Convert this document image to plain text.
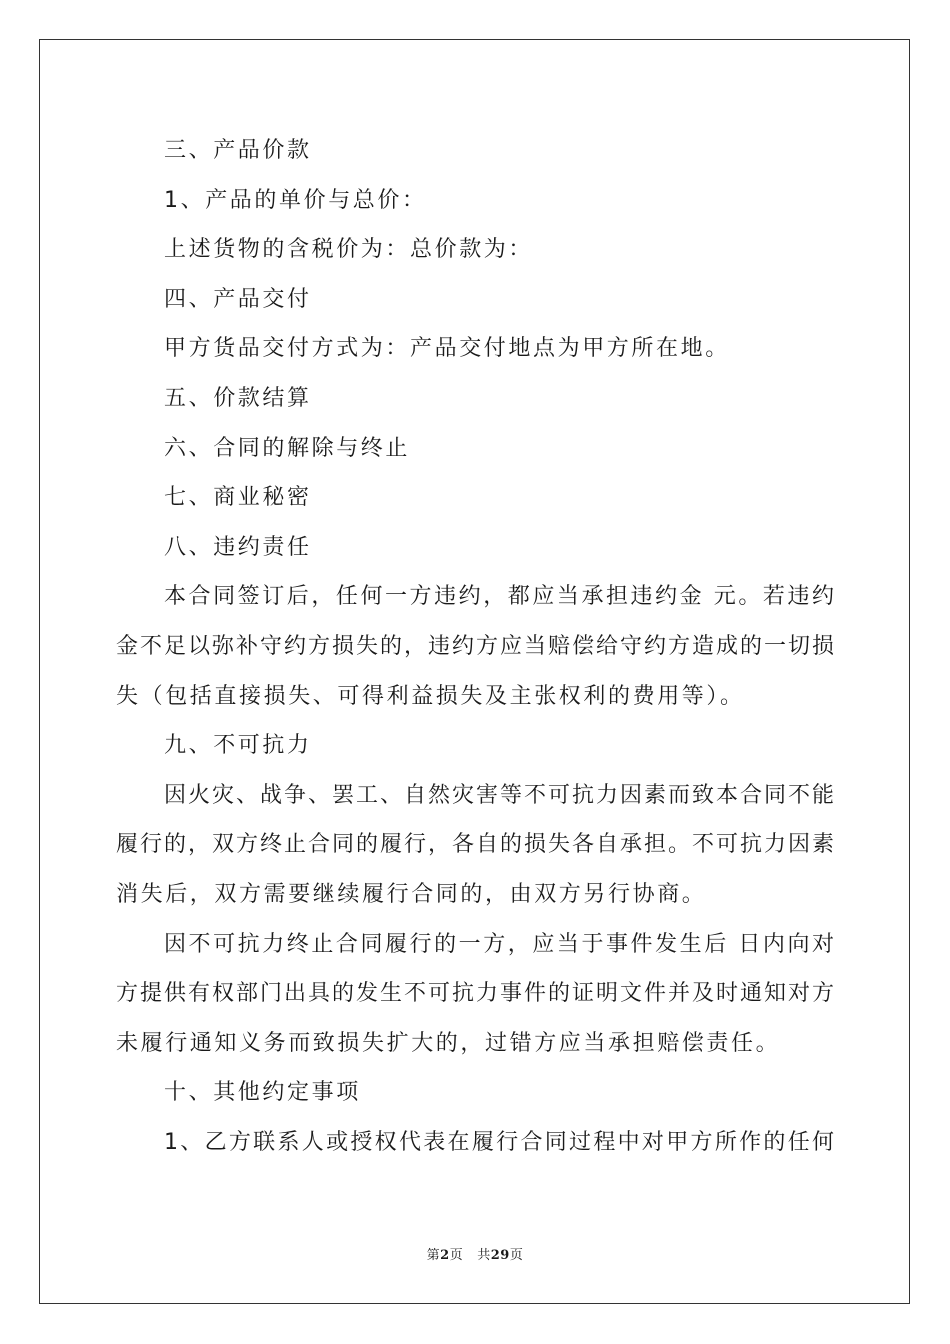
三、产品价款

1、产品的单价与总价：

上述货物的含税价为：总价款为：

四、产品交付

甲方货品交付方式为：产品交付地点为甲方所在地。

五、价款结算

六、合同的解除与终止

七、商业秘密

八、违约责任

本合同签订后，任何一方违约，都应当承担违约金 元。若违约

金不足以弥补守约方损失的，违约方应当赔偿给守约方造成的一切损

失（包括直接损失、可得利益损失及主张权利的费用等）。

九、不可抗力

因火灾、战争、罢工、自然灾害等不可抗力因素而致本合同不能

履行的，双方终止合同的履行，各自的损失各自承担。不可抗力因素

消失后，双方需要继续履行合同的，由双方另行协商。

因不可抗力终止合同履行的一方，应当于事件发生后 日内向对

方提供有权部门出具的发生不可抗力事件的证明文件并及时通知对方

未履行通知义务而致损失扩大的，过错方应当承担赔偿责任。

十、其他约定事项

1、乙方联系人或授权代表在履行合同过程中对甲方所作的任何

第2页 共29页
